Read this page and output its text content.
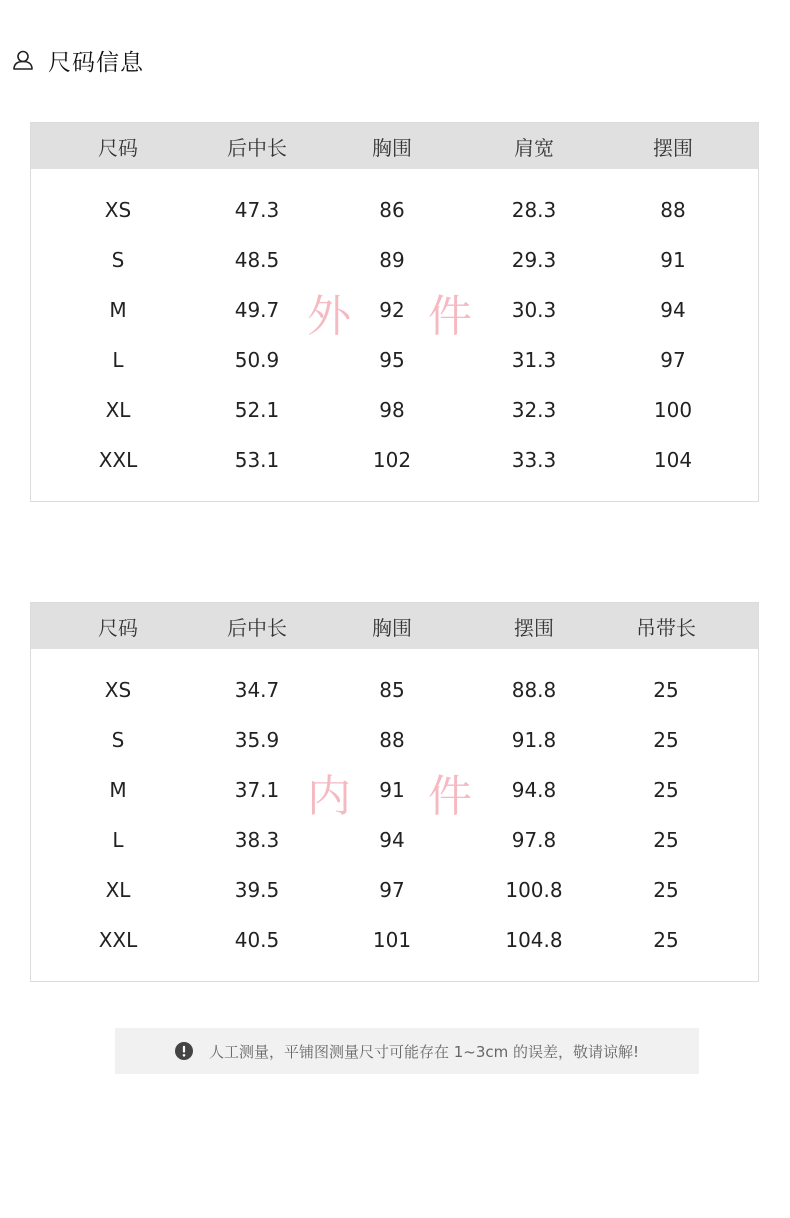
尺码信息
尺码	后中长	胸围	肩宽	摆围
XS	47.3	86	28.3	88
S	48.5	89	29.3	91
M	49.7	92	30.3	94
L	50.9	95	31.3	97
XL	52.1	98	32.3	100
XXL	53.1	102	33.3	104
外 件
尺码	后中长	胸围	摆围	吊带长
XS	34.7	85	88.8	25
S	35.9	88	91.8	25
M	37.1	91	94.8	25
L	38.3	94	97.8	25
XL	39.5	97	100.8	25
XXL	40.5	101	104.8	25
内 件
人工测量，平铺图测量尺寸可能存在 1~3cm 的误差，敬请谅解!
